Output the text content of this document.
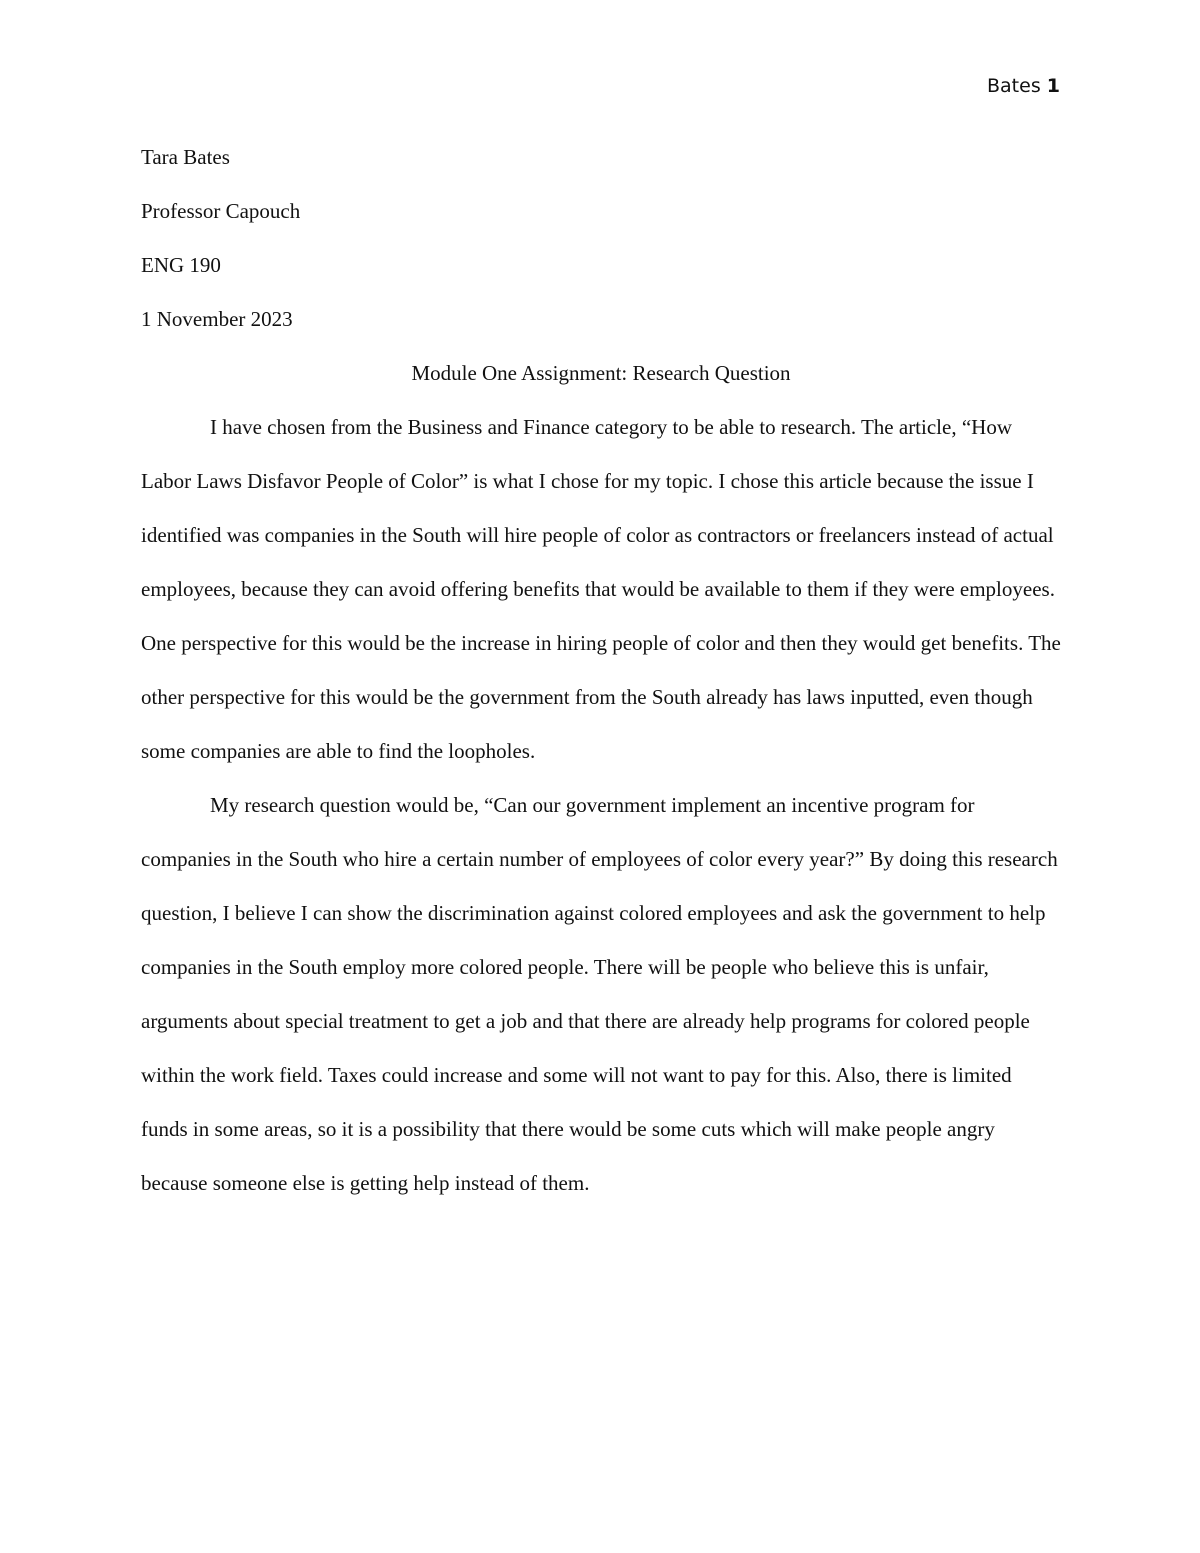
Bates 1

Tara Bates

Professor Capouch

ENG 190

1 November 2023

Module One Assignment: Research Question

I have chosen from the Business and Finance category to be able to research. The article, “How Labor Laws Disfavor People of Color” is what I chose for my topic. I chose this article because the issue I identified was companies in the South will hire people of color as contractors or freelancers instead of actual employees, because they can avoid offering benefits that would be available to them if they were employees. One perspective for this would be the increase in hiring people of color and then they would get benefits. The other perspective for this would be the government from the South already has laws inputted, even though some companies are able to find the loopholes.

My research question would be, “Can our government implement an incentive program for companies in the South who hire a certain number of employees of color every year?” By doing this research question, I believe I can show the discrimination against colored employees and ask the government to help companies in the South employ more colored people. There will be people who believe this is unfair, arguments about special treatment to get a job and that there are already help programs for colored people within the work field. Taxes could increase and some will not want to pay for this. Also, there is limited funds in some areas, so it is a possibility that there would be some cuts which will make people angry because someone else is getting help instead of them.
